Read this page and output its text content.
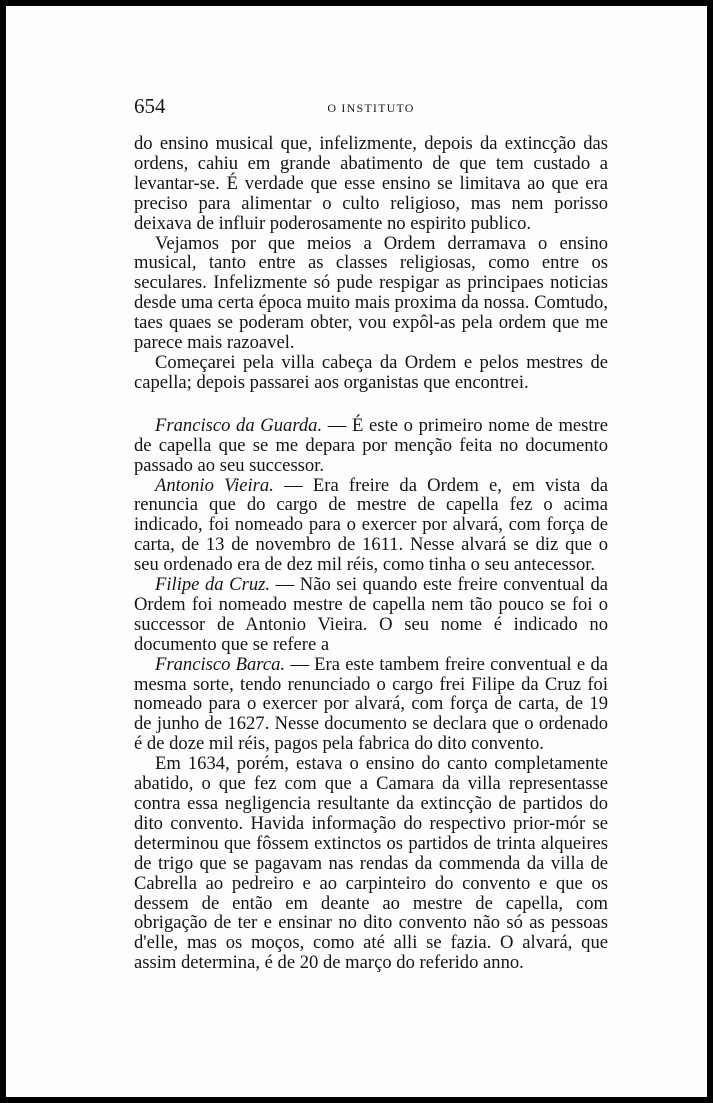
654	O INSTITUTO

do ensino musical que, infelizmente, depois da extincção das ordens, cahiu em grande abatimento de que tem custado a levantar-se. É verdade que esse ensino se limitava ao que era preciso para alimentar o culto religioso, mas nem porisso deixava de influir poderosamente no espirito publico.

Vejamos por que meios a Ordem derramava o ensino musical, tanto entre as classes religiosas, como entre os seculares. Infelizmente só pude respigar as principaes noticias desde uma certa época muito mais proxima da nossa. Comtudo, taes quaes se poderam obter, vou expôl-as pela ordem que me parece mais razoavel.

Começarei pela villa cabeça da Ordem e pelos mestres de capella; depois passarei aos organistas que encontrei.

Francisco da Guarda. — É este o primeiro nome de mestre de capella que se me depara por menção feita no documento passado ao seu successor.

Antonio Vieira. — Era freire da Ordem e, em vista da renuncia que do cargo de mestre de capella fez o acima indicado, foi nomeado para o exercer por alvará, com força de carta, de 13 de novembro de 1611. Nesse alvará se diz que o seu ordenado era de dez mil réis, como tinha o seu antecessor.

Filipe da Cruz. — Não sei quando este freire conventual da Ordem foi nomeado mestre de capella nem tão pouco se foi o successor de Antonio Vieira. O seu nome é indicado no documento que se refere a

Francisco Barca. — Era este tambem freire conventual e da mesma sorte, tendo renunciado o cargo frei Filipe da Cruz foi nomeado para o exercer por alvará, com força de carta, de 19 de junho de 1627. Nesse documento se declara que o ordenado é de doze mil réis, pagos pela fabrica do dito convento.

Em 1634, porém, estava o ensino do canto completamente abatido, o que fez com que a Camara da villa representasse contra essa negligencia resultante da extincção de partidos do dito convento. Havida informação do respectivo prior-mór se determinou que fôssem extinctos os partidos de trinta alqueires de trigo que se pagavam nas rendas da commenda da villa de Cabrella ao pedreiro e ao carpinteiro do convento e que os dessem de então em deante ao mestre de capella, com obrigação de ter e ensinar no dito convento não só as pessoas d'elle, mas os moços, como até alli se fazia. O alvará, que assim determina, é de 20 de março do referido anno.
